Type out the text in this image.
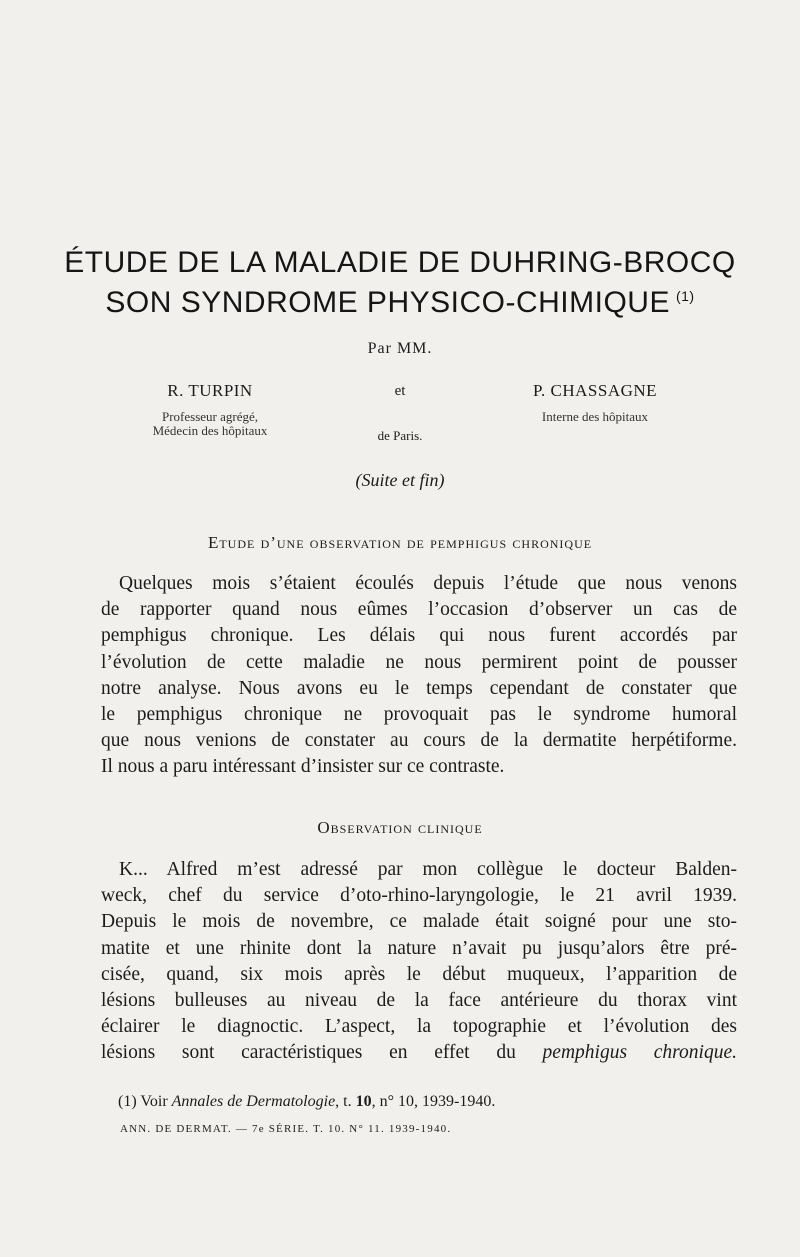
ÉTUDE DE LA MALADIE DE DUHRING-BROCQ
SON SYNDROME PHYSICO-CHIMIQUE $^{(1)}$
Par MM.
R. TURPIN
Professeur agrégé,
Médecin des hôpitaux
et	P. CHASSAGNE
Interne des hôpitaux
de Paris.
(Suite et fin)
Etude d’une observation de pemphigus chronique
Quelques mois s’étaient écoulés depuis l’étude que nous venons
de rapporter quand nous eûmes l’occasion d’observer un cas de
pemphigus chronique. Les délais qui nous furent accordés par
l’évolution de cette maladie ne nous permirent point de pousser
notre analyse. Nous avons eu le temps cependant de constater que
le pemphigus chronique ne provoquait pas le syndrome humoral
que nous venions de constater au cours de la dermatite herpétiforme.
Il nous a paru intéressant d’insister sur ce contraste.
Observation clinique
K... Alfred m’est adressé par mon collègue le docteur Balden-
weck, chef du service d’oto-rhino-laryngologie, le 21 avril 1939.
Depuis le mois de novembre, ce malade était soigné pour une sto-
matite et une rhinite dont la nature n’avait pu jusqu’alors être pré-
cisée, quand, six mois après le début muqueux, l’apparition de
lésions bulleuses au niveau de la face antérieure du thorax vint
éclairer le diagnoctic. L’aspect, la topographie et l’évolution des
lésions sont caractéristiques en effet du pemphigus chronique.
(1) Voir Annales de Dermatologie, t. 10, n° 10, 1939-1940.
ANN. DE DERMAT. — 7e SÉRIE. T. 10. N° 11. 1939-1940.
